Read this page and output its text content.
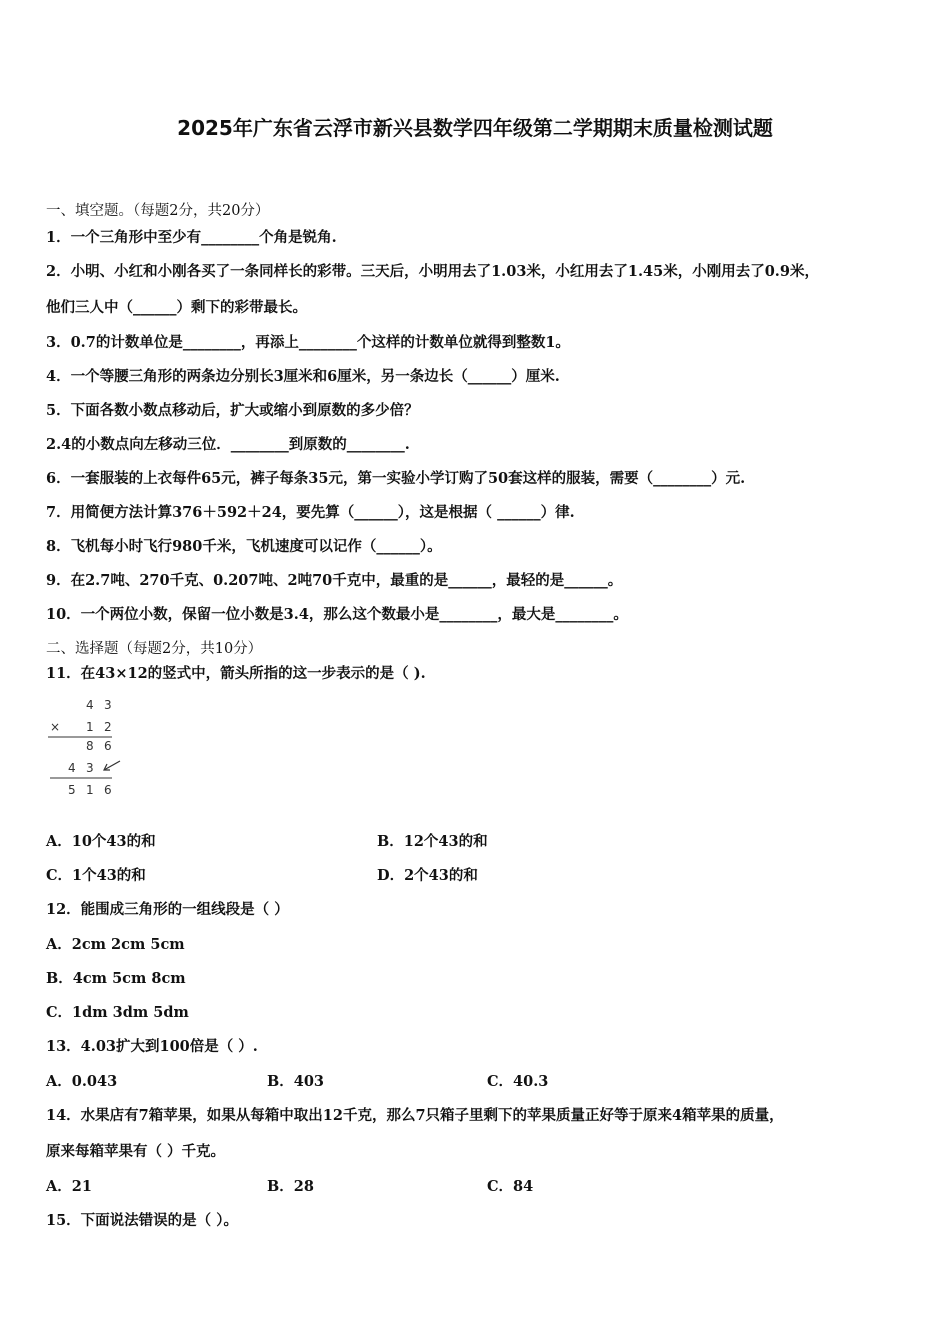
2025年广东省云浮市新兴县数学四年级第二学期期末质量检测试题
一、填空题。（每题2分，共20分）
1．一个三角形中至少有________个角是锐角.
2．小明、小红和小刚各买了一条同样长的彩带。三天后，小明用去了1.03米，小红用去了1.45米，小刚用去了0.9米，
他们三人中（______）剩下的彩带最长。
3．0.7的计数单位是________，再添上________个这样的计数单位就得到整数1。
4．一个等腰三角形的两条边分别长3厘米和6厘米，另一条边长（______）厘米.
5．下面各数小数点移动后，扩大或缩小到原数的多少倍？
2.4的小数点向左移动三位．________到原数的________.
6．一套服装的上衣每件65元，裤子每条35元，第一实验小学订购了50套这样的服装，需要（________）元.
7．用简便方法计算376＋592＋24，要先算（______），这是根据（ ______）律.
8．飞机每小时飞行980千米，飞机速度可以记作（______）。
9．在2.7吨、270千克、0.207吨、2吨70千克中，最重的是______，最轻的是______。
10．一个两位小数，保留一位小数是3.4，那么这个数最小是________，最大是________。
二、选择题（每题2分，共10分）
11．在43×12的竖式中，箭头所指的这一步表示的是（ ).
4 3
× 1 2
8 6
4 3
5 1 6
A．10个43的和	B．12个43的和
C．1个43的和	D．2个43的和
12．能围成三角形的一组线段是（ ）
A．2cm 2cm 5cm
B．4cm 5cm 8cm
C．1dm 3dm 5dm
13．4.03扩大到100倍是（ ）.
A．0.043	B．403	C．40.3
14．水果店有7箱苹果，如果从每箱中取出12千克，那么7只箱子里剩下的苹果质量正好等于原来4箱苹果的质量，
原来每箱苹果有（ ）千克。
A．21	B．28	C．84
15．下面说法错误的是（ ）。
